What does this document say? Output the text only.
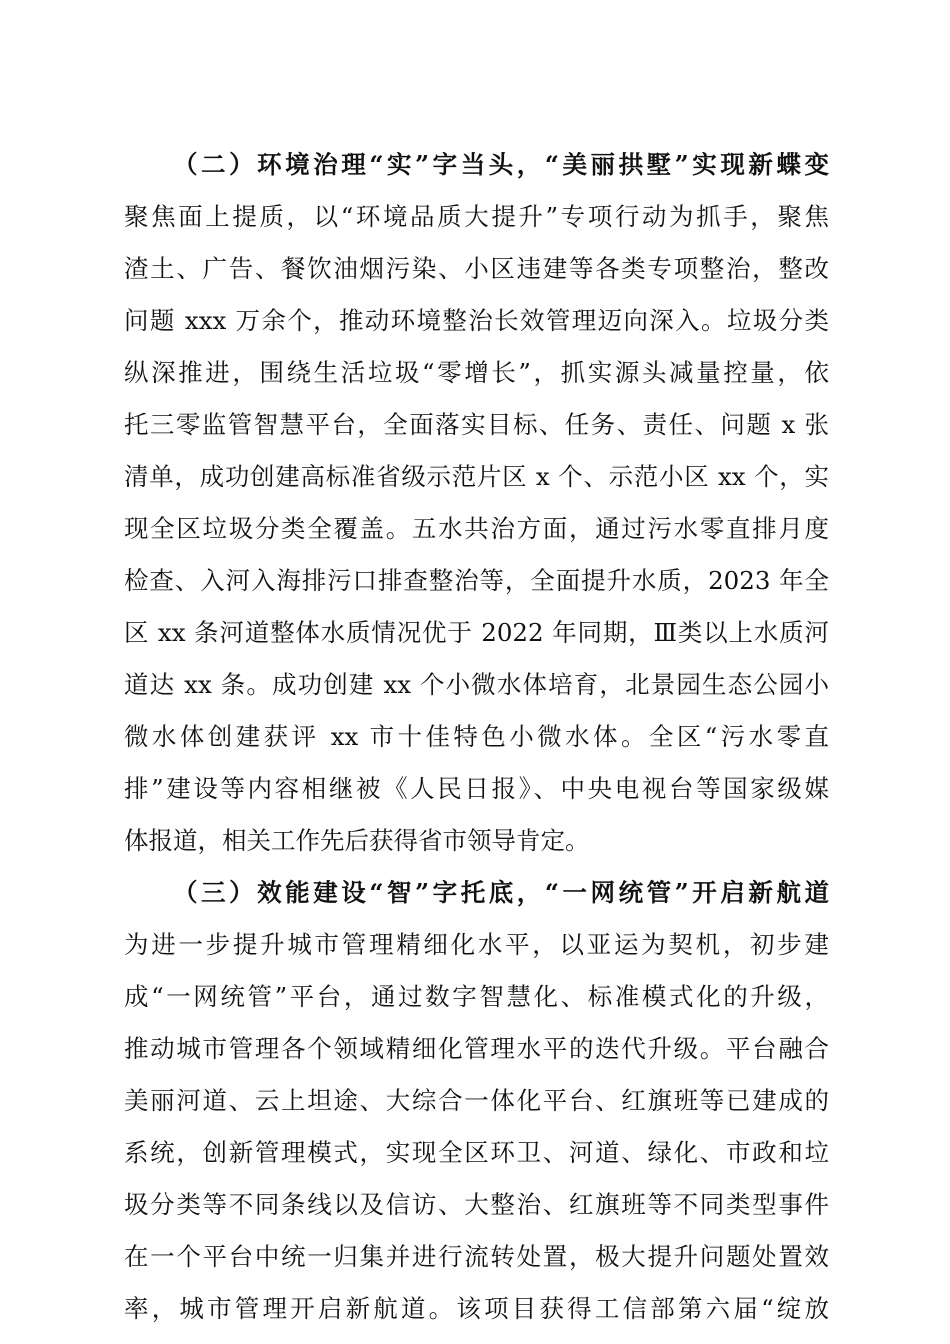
（二）环境治理“实”字当头，“美丽拱墅”实现新蝶变
聚焦面上提质，以“环境品质大提升”专项行动为抓手，聚焦
渣土、广告、餐饮油烟污染、小区违建等各类专项整治，整改
问题 xxx 万余个，推动环境整治长效管理迈向深入。垃圾分类
纵深推进，围绕生活垃圾“零增长”，抓实源头减量控量，依
托三零监管智慧平台，全面落实目标、任务、责任、问题 x 张
清单，成功创建高标准省级示范片区 x 个、示范小区 xx 个，实
现全区垃圾分类全覆盖。五水共治方面，通过污水零直排月度
检查、入河入海排污口排查整治等，全面提升水质，2023 年全
区 xx 条河道整体水质情况优于 2022 年同期，Ⅲ类以上水质河
道达 xx 条。成功创建 xx 个小微水体培育，北景园生态公园小
微水体创建获评 xx 市十佳特色小微水体。全区“污水零直
排”建设等内容相继被《人民日报》、中央电视台等国家级媒
体报道，相关工作先后获得省市领导肯定。
（三）效能建设“智”字托底，“一网统管”开启新航道
为进一步提升城市管理精细化水平，以亚运为契机，初步建
成“一网统管”平台，通过数字智慧化、标准模式化的升级，
推动城市管理各个领域精细化管理水平的迭代升级。平台融合
美丽河道、云上坦途、大综合一体化平台、红旗班等已建成的
系统，创新管理模式，实现全区环卫、河道、绿化、市政和垃
圾分类等不同条线以及信访、大整治、红旗班等不同类型事件
在一个平台中统一归集并进行流转处置，极大提升问题处置效
率，城市管理开启新航道。该项目获得工信部第六届“绽放
